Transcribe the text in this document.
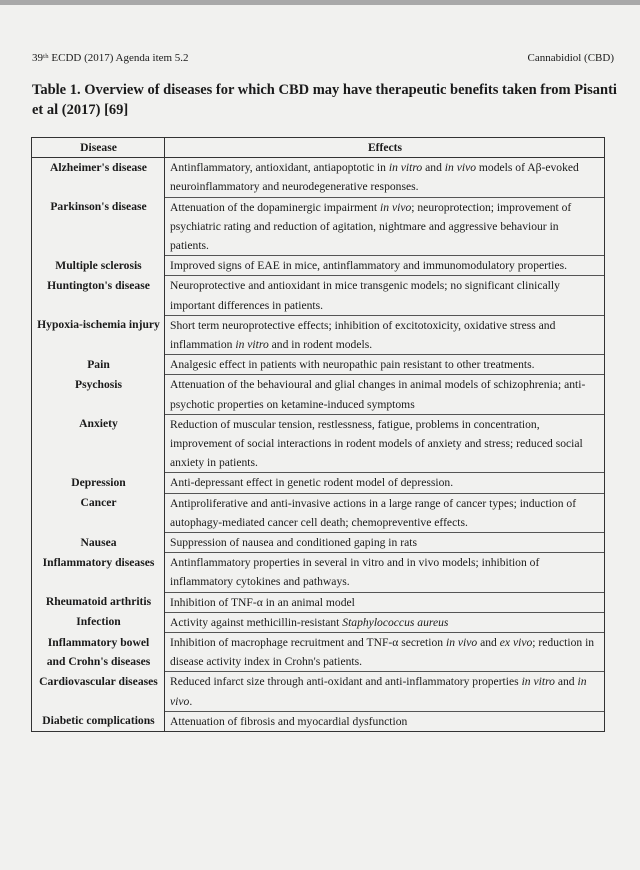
39ᵗʰ ECDD (2017) Agenda item 5.2	Cannabidiol (CBD)
Table 1. Overview of diseases for which CBD may have therapeutic benefits taken from Pisanti et al (2017) [69]
Disease	Effects
Alzheimer's disease	Antinflammatory, antioxidant, antiapoptotic in in vitro and in vivo models of Aβ-evoked neuroinflammatory and neurodegenerative responses.
Parkinson's disease	Attenuation of the dopaminergic impairment in vivo; neuroprotection; improvement of psychiatric rating and reduction of agitation, nightmare and aggressive behaviour in patients.
Multiple sclerosis	Improved signs of EAE in mice, antinflammatory and immunomodulatory properties.
Huntington's disease	Neuroprotective and antioxidant in mice transgenic models; no significant clinically important differences in patients.
Hypoxia-ischemia injury	Short term neuroprotective effects; inhibition of excitotoxicity, oxidative stress and inflammation in vitro and in rodent models.
Pain	Analgesic effect in patients with neuropathic pain resistant to other treatments.
Psychosis	Attenuation of the behavioural and glial changes in animal models of schizophrenia; anti-psychotic properties on ketamine-induced symptoms
Anxiety	Reduction of muscular tension, restlessness, fatigue, problems in concentration, improvement of social interactions in rodent models of anxiety and stress; reduced social anxiety in patients.
Depression	Anti-depressant effect in genetic rodent model of depression.
Cancer	Antiproliferative and anti-invasive actions in a large range of cancer types; induction of autophagy-mediated cancer cell death; chemopreventive effects.
Nausea	Suppression of nausea and conditioned gaping in rats
Inflammatory diseases	Antinflammatory properties in several in vitro and in vivo models; inhibition of inflammatory cytokines and pathways.
Rheumatoid arthritis	Inhibition of TNF-α in an animal model
Infection	Activity against methicillin-resistant Staphylococcus aureus
Inflammatory bowel and Crohn's diseases	Inhibition of macrophage recruitment and TNF-α secretion in vivo and ex vivo; reduction in disease activity index in Crohn's patients.
Cardiovascular diseases	Reduced infarct size through anti-oxidant and anti-inflammatory properties in vitro and in vivo.
Diabetic complications	Attenuation of fibrosis and myocardial dysfunction
